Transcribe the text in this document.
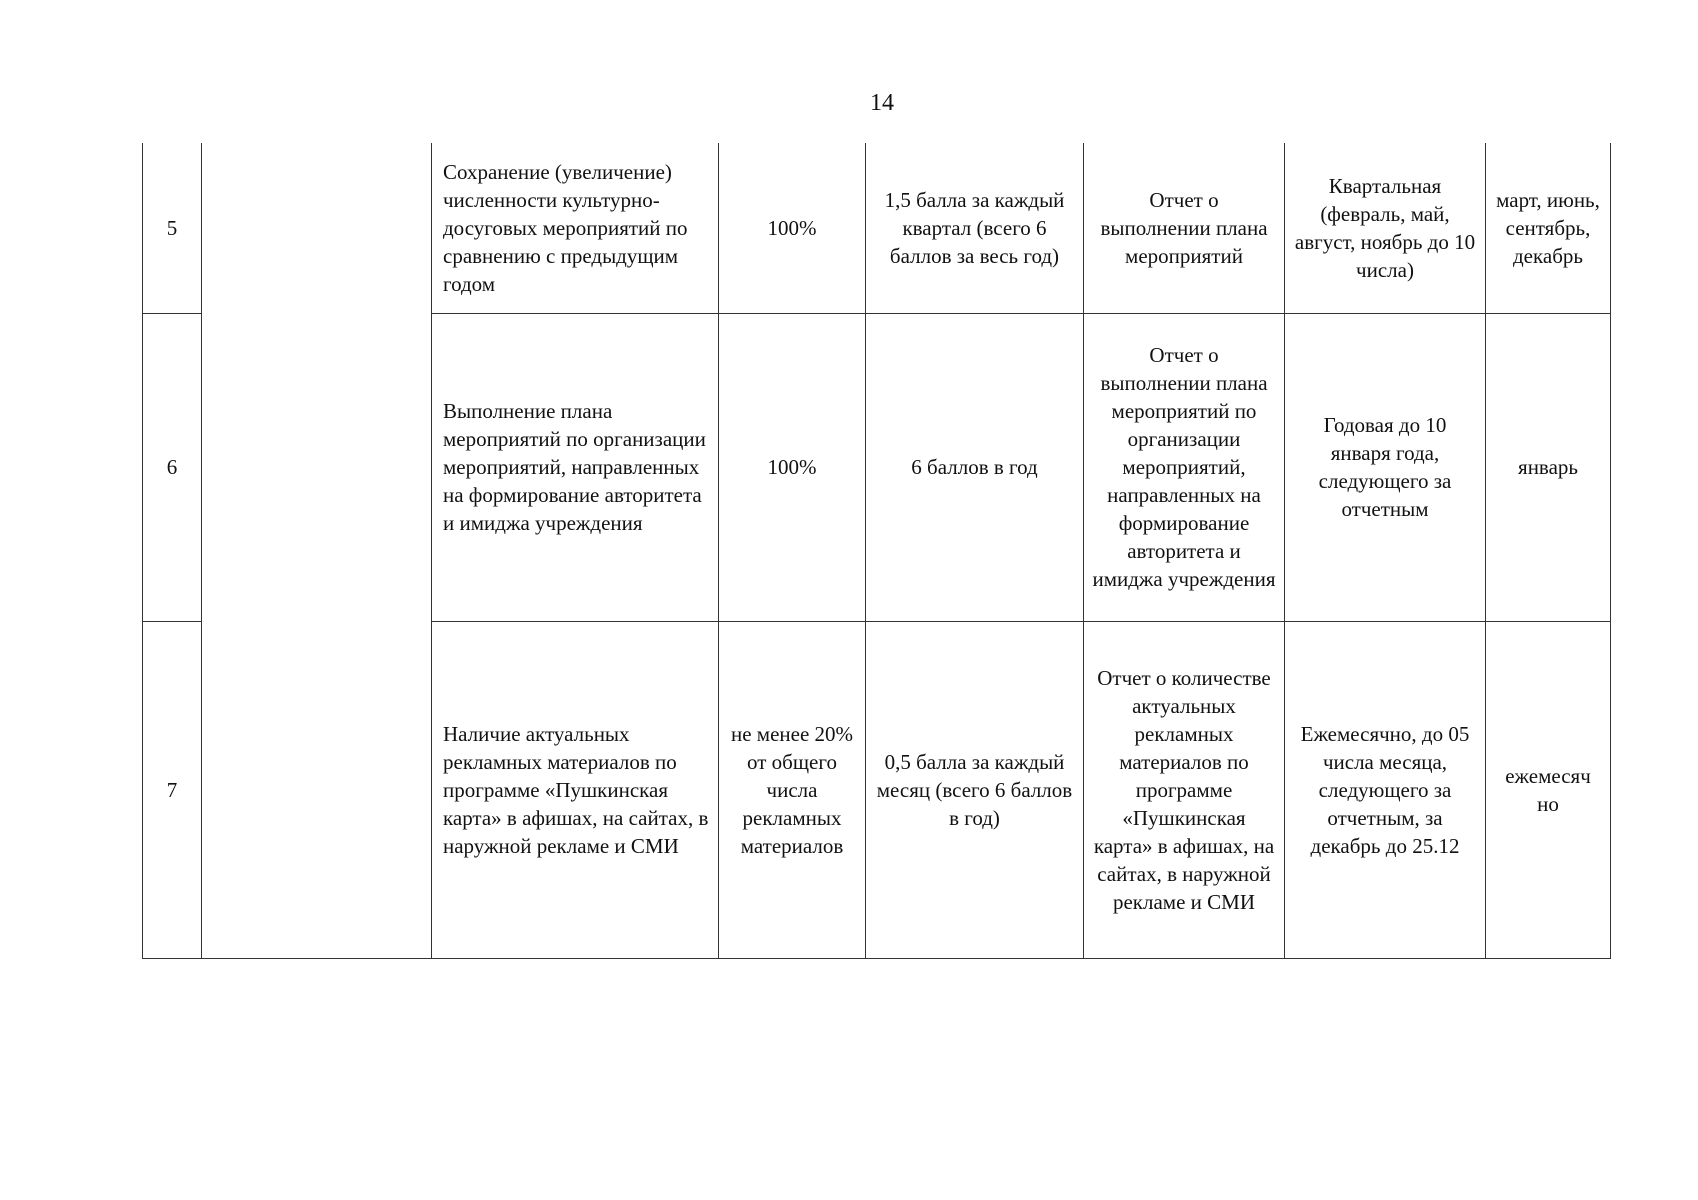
14
5		Сохранение (увеличение) численности культурно-досуговых мероприятий по сравнению с предыдущим годом	100%	1,5 балла за каждый квартал (всего 6 баллов за весь год)	Отчет о выполнении плана мероприятий	Квартальная (февраль, май, август, ноябрь до 10 числа)	март, июнь, сентябрь, декабрь
6		Выполнение плана мероприятий по организации мероприятий, направленных на формирование авторитета и имиджа учреждения	100%	6 баллов в год	Отчет о выполнении плана мероприятий по организации мероприятий, направленных на формирование авторитета и имиджа учреждения	Годовая до 10 января года, следующего за отчетным	январь
7		Наличие актуальных рекламных материалов по программе «Пушкинская карта» в афишах, на сайтах, в наружной рекламе и СМИ	не менее 20% от общего числа рекламных материалов	0,5 балла за каждый месяц (всего 6 баллов в год)	Отчет о количестве актуальных рекламных материалов по программе «Пушкинская карта» в афишах, на сайтах, в наружной рекламе и СМИ	Ежемесячно, до 05 числа месяца, следующего за отчетным, за декабрь до 25.12	ежемесяч но
